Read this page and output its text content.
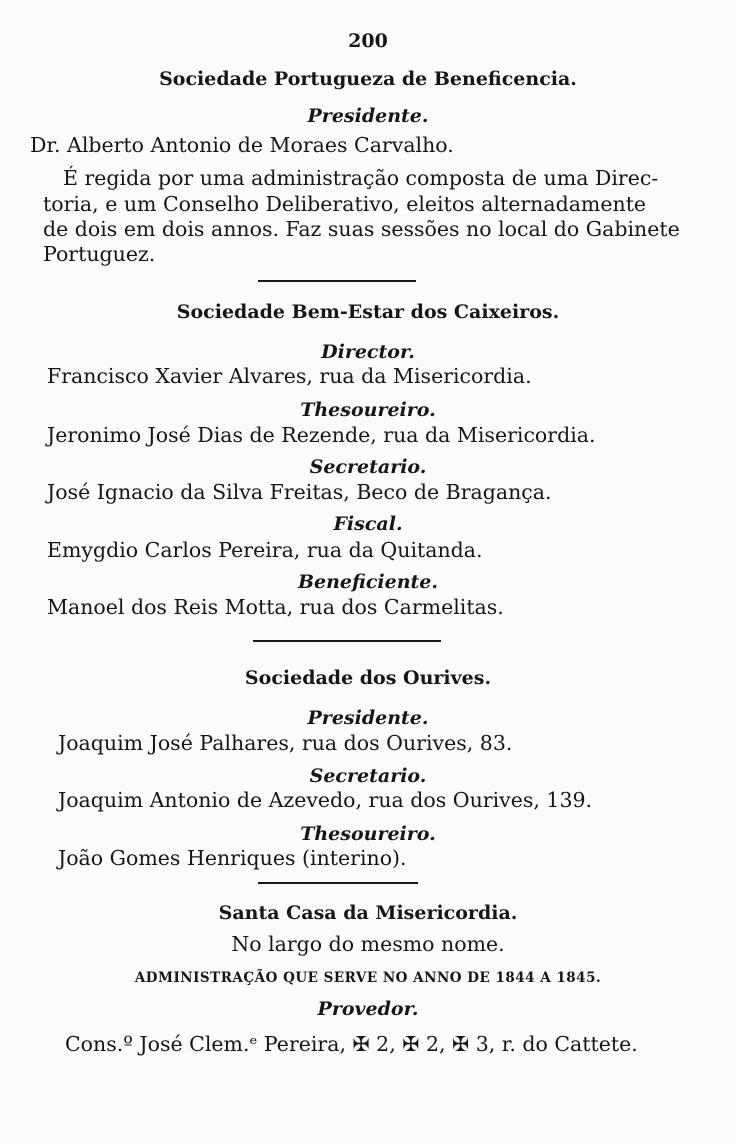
200
Sociedade Portugueza de Beneficencia.
Presidente.
Dr. Alberto Antonio de Moraes Carvalho.
É regida por uma administração composta de uma Direc-
toria, e um Conselho Deliberativo, eleitos alternadamente
de dois em dois annos. Faz suas sessões no local do Gabinete
Portuguez.
Sociedade Bem-Estar dos Caixeiros.
Director.
Francisco Xavier Alvares, rua da Misericordia.
Thesoureiro.
Jeronimo José Dias de Rezende, rua da Misericordia.
Secretario.
José Ignacio da Silva Freitas, Beco de Bragança.
Fiscal.
Emygdio Carlos Pereira, rua da Quitanda.
Beneficiente.
Manoel dos Reis Motta, rua dos Carmelitas.
Sociedade dos Ourives.
Presidente.
Joaquim José Palhares, rua dos Ourives, 83.
Secretario.
Joaquim Antonio de Azevedo, rua dos Ourives, 139.
Thesoureiro.
João Gomes Henriques (interino).
Santa Casa da Misericordia.
No largo do mesmo nome.
ADMINISTRAÇÃO QUE SERVE NO ANNO DE 1844 A 1845.
Provedor.
Cons.º José Clem.ᵉ Pereira, ✠ 2, ✠ 2, ✠ 3, r. do Cattete.
